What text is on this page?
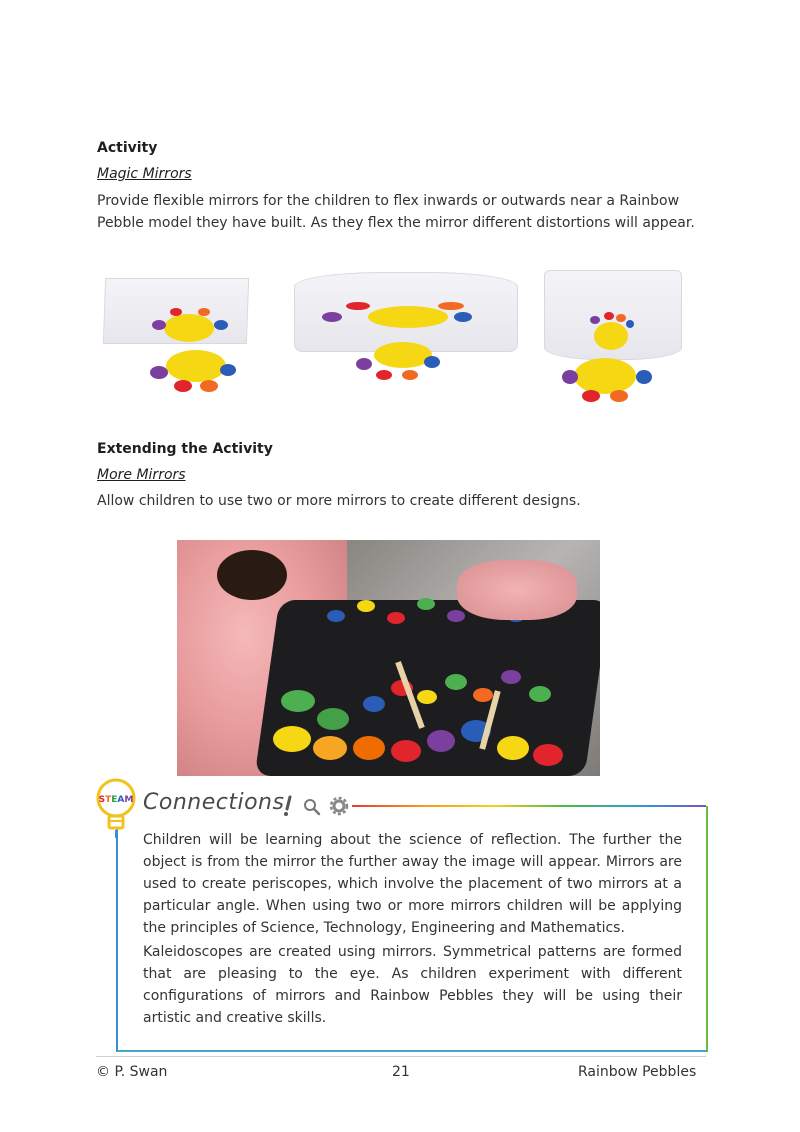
Activity
Magic Mirrors
Provide flexible mirrors for the children to flex inwards or outwards near a Rainbow Pebble model they have built. As they flex the mirror different distortions will appear.
Extending the Activity
More Mirrors
Allow children to use two or more mirrors to create different designs.
STEAM Connections
Children will be learning about the science of reflection. The further the object is from the mirror the further away the image will appear. Mirrors are used to create periscopes, which involve the placement of two mirrors at a particular angle. When using two or more mirrors children will be applying the principles of Science, Technology, Engineering and Mathematics.
Kaleidoscopes are created using mirrors. Symmetrical patterns are formed that are pleasing to the eye. As children experiment with different configurations of mirrors and Rainbow Pebbles they will be using their artistic and creative skills.
© P. Swan	21	Rainbow Pebbles
